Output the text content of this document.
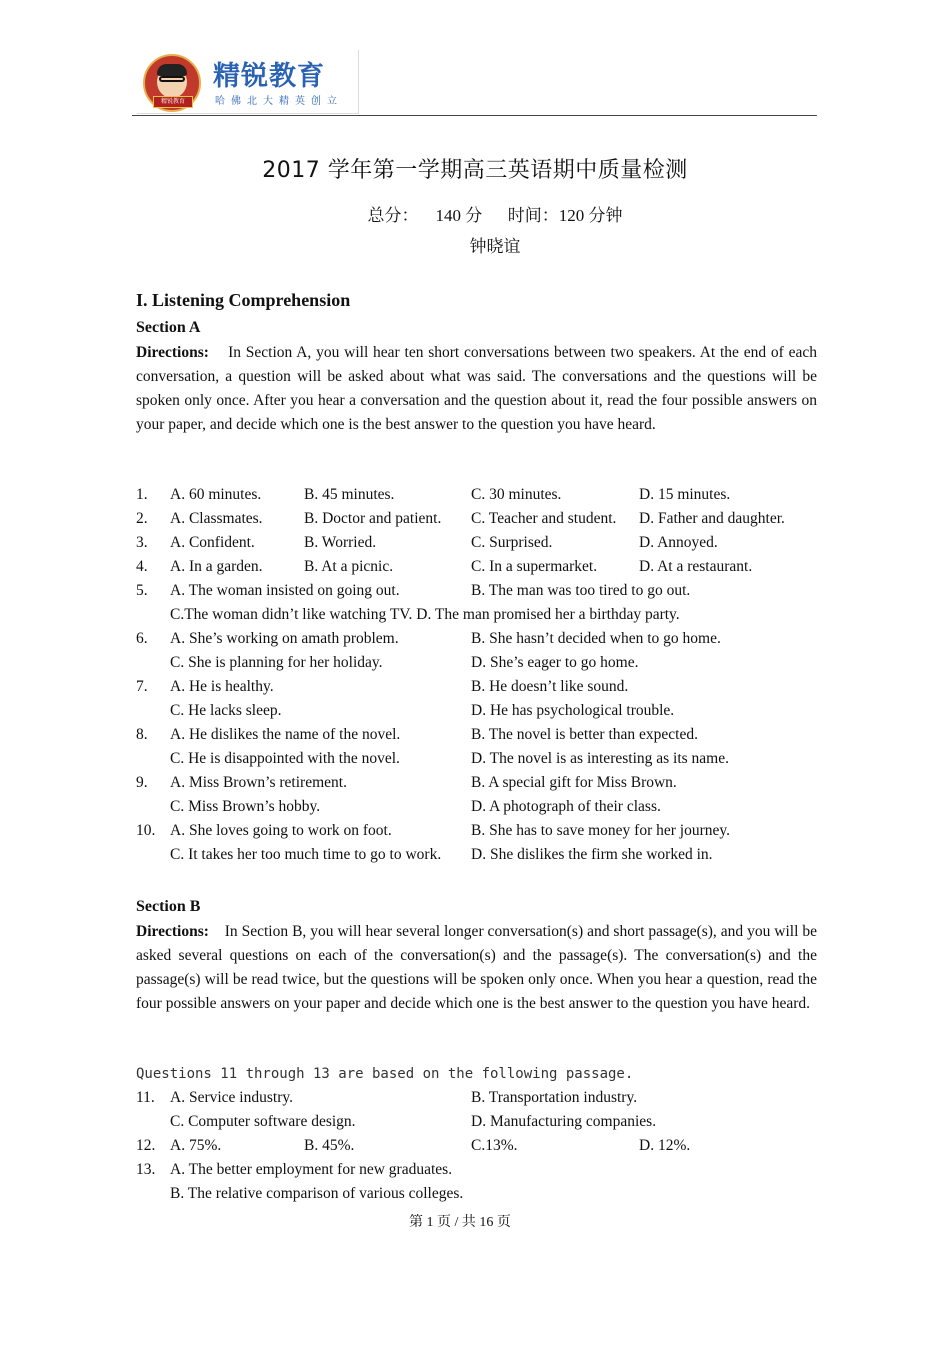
精锐教育
精锐教育
哈佛北大精英创立
2017 学年第一学期高三英语期中质量检测
总分：    140 分      时间：120 分钟
钟晓谊
I. Listening Comprehension
Section A
Directions: In Section A, you will hear ten short conversations between two speakers. At the end of each conversation, a question will be asked about what was said. The conversations and the questions will be spoken only once. After you hear a conversation and the question about it, read the four possible answers on your paper, and decide which one is the best answer to the question you have heard.
1. A. 60 minutes.	B. 45 minutes.	C. 30 minutes.	D. 15 minutes.
2. A. Classmates.	B. Doctor and patient. C. Teacher and student. D. Father and daughter.
3. A. Confident.	B. Worried.	C. Surprised.	D. Annoyed.
4. A. In a garden.	B. At a picnic.	C. In a supermarket.	D. At a restaurant.
5. A. The woman insisted on going out.	B. The man was too tired to go out.
C.The woman didn’t like watching TV. D. The man promised her a birthday party.
6. A. She’s working on amath problem.	B. She hasn’t decided when to go home.
C. She is planning for her holiday.	D. She’s eager to go home.
7. A. He is healthy.	B. He doesn’t like sound.
C. He lacks sleep.	D. He has psychological trouble.
8. A. He dislikes the name of the novel.	B. The novel is better than expected.
C. He is disappointed with the novel.	D. The novel is as interesting as its name.
9. A. Miss Brown’s retirement.	B. A special gift for Miss Brown.
C. Miss Brown’s hobby.	D. A photograph of their class.
10. A. She loves going to work on foot.	B. She has to save money for her journey.
C. It takes her too much time to go to work. D. She dislikes the firm she worked in.
Section B
Directions: In Section B, you will hear several longer conversation(s) and short passage(s), and you will be asked several questions on each of the conversation(s) and the passage(s). The conversation(s) and the passage(s) will be read twice, but the questions will be spoken only once. When you hear a question, read the four possible answers on your paper and decide which one is the best answer to the question you have heard.
Questions 11 through 13 are based on the following passage.
11. A. Service industry.	B. Transportation industry.
C. Computer software design.	D. Manufacturing companies.
12. A. 75%.	B. 45%.	C.13%.	D. 12%.
13. A. The better employment for new graduates.
B. The relative comparison of various colleges.
第 1 页 / 共 16 页
